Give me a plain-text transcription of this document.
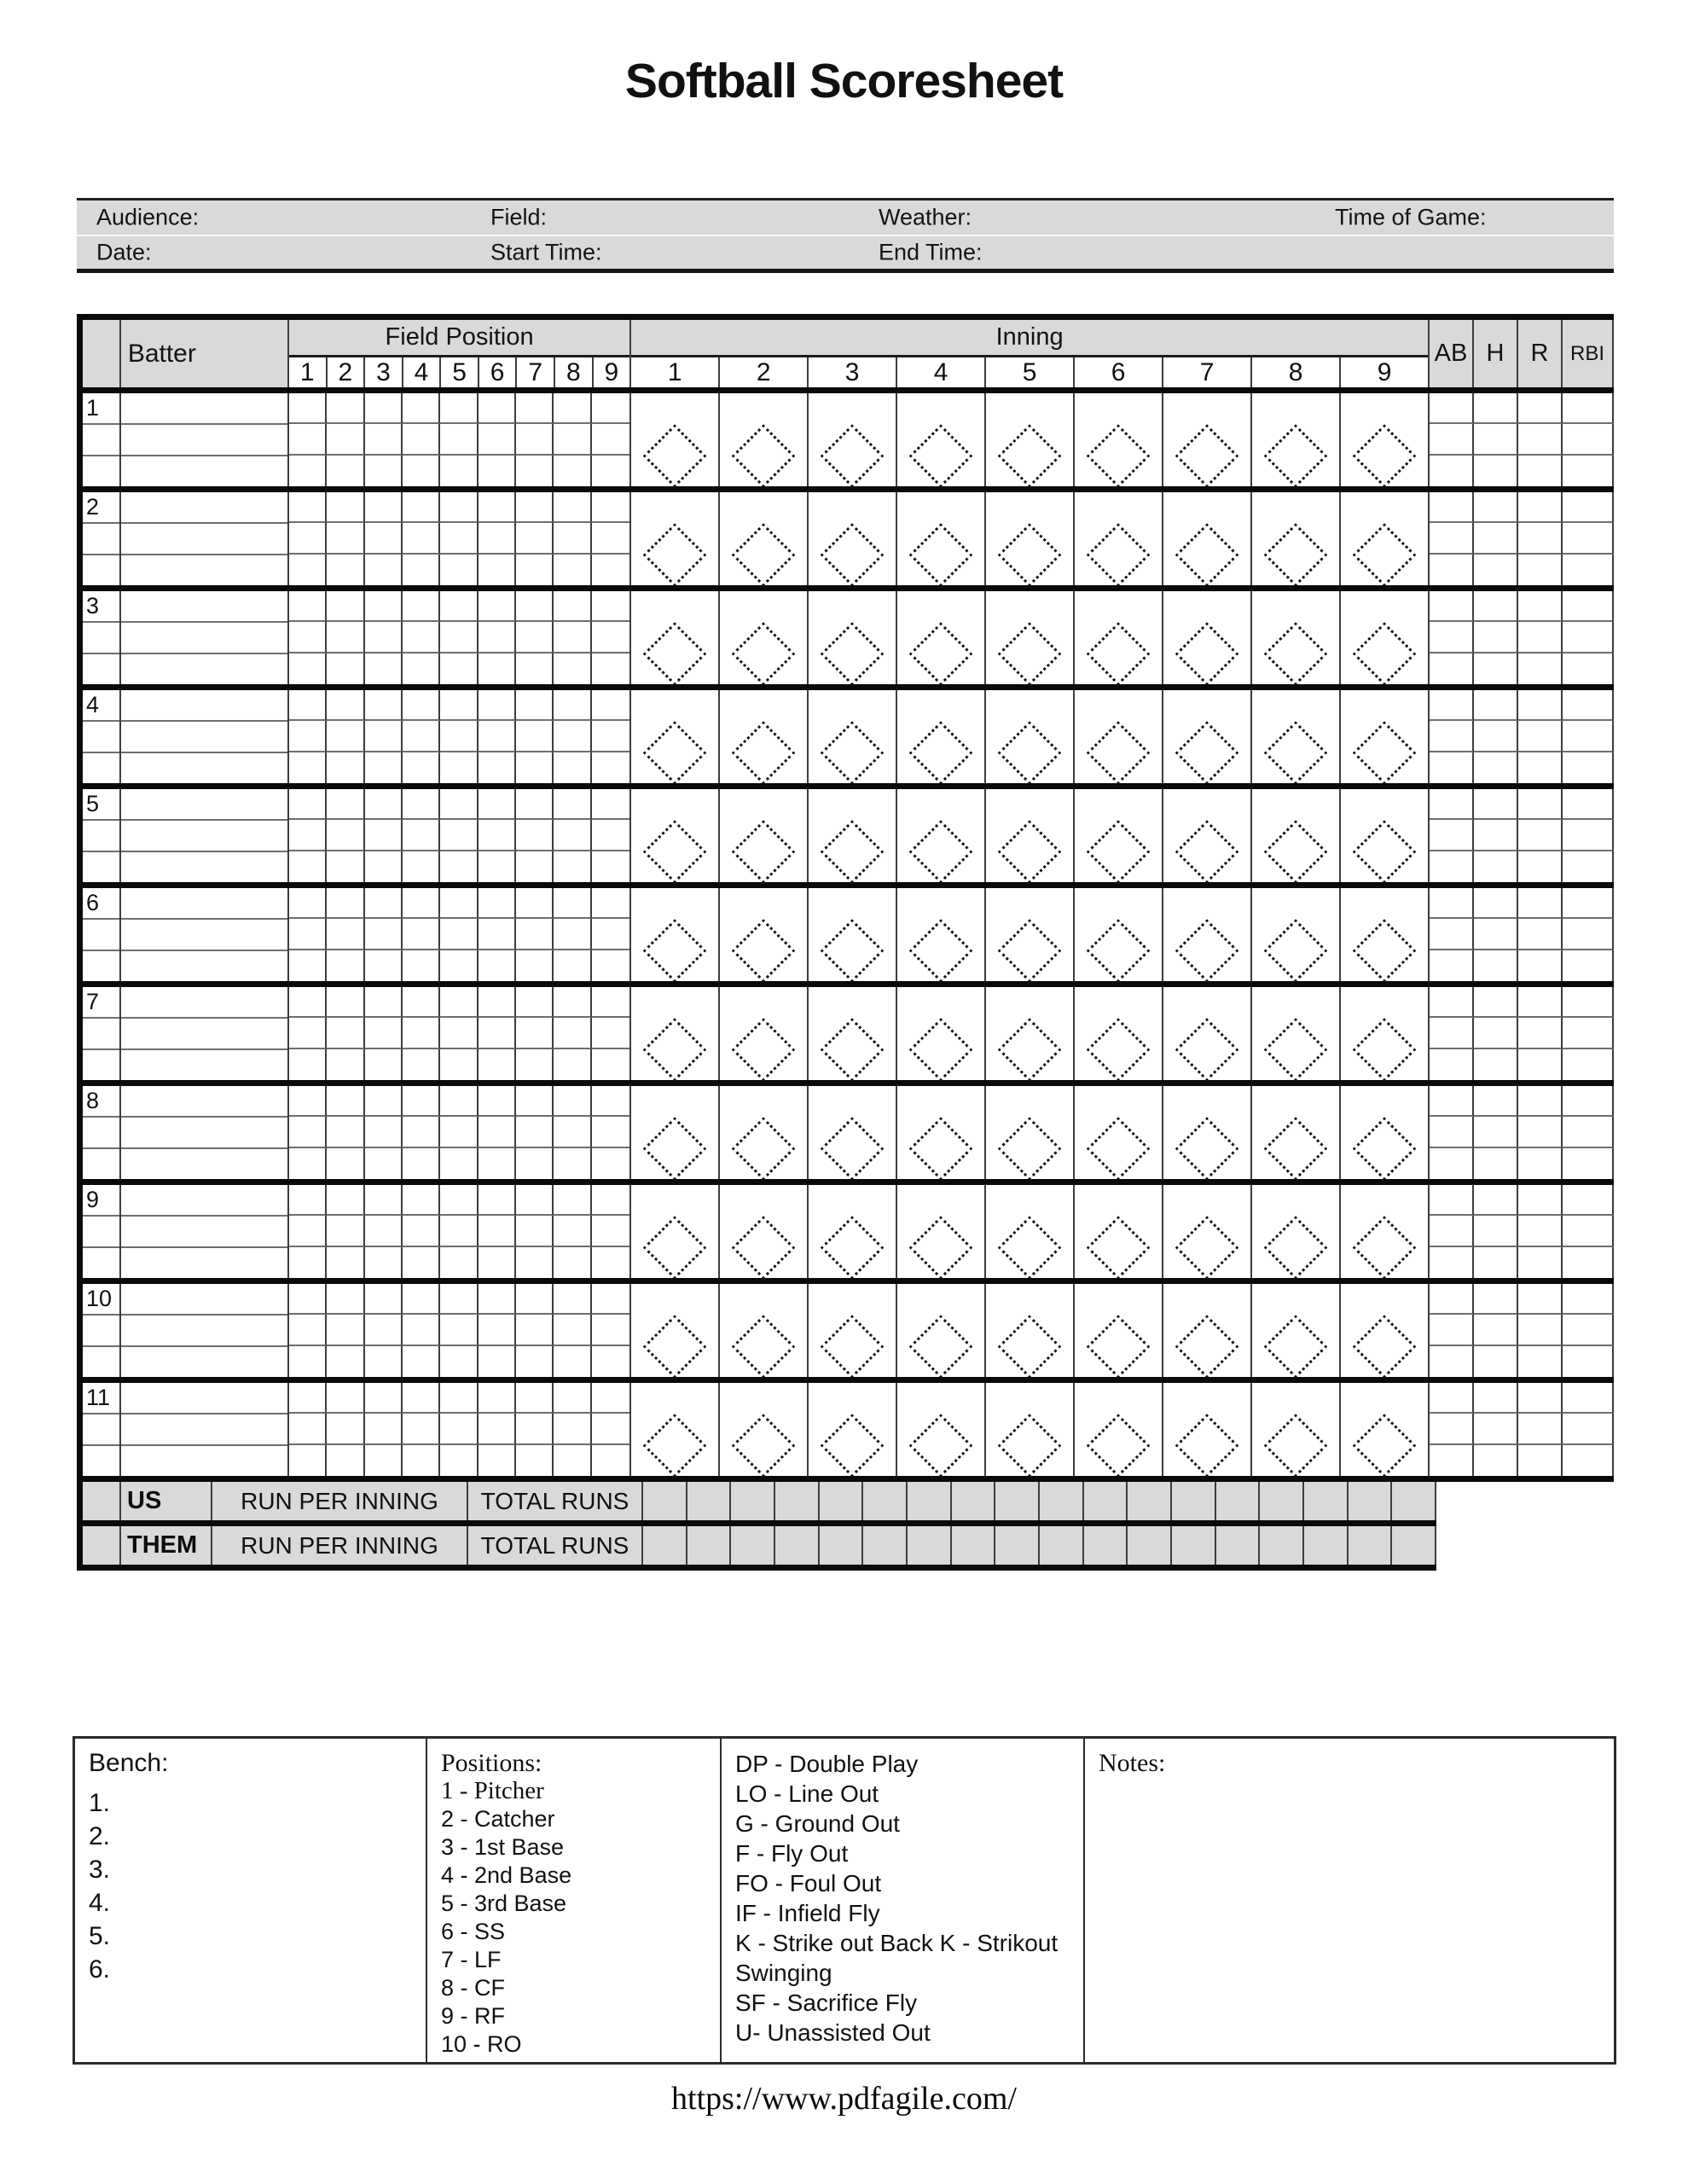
Softball Scoresheet
Audience:	Field:	Weather:	Time of Game:
Date:	Start Time:	End Time:
Batter
Field Position
1 2 3 4 5 6 7 8 9
Inning
1	2	3	4	5	6	7	8	9
AB H	R	RBI
1
2
3
4
5
6
7
8
9
10
11
US	RUN PER INNING	TOTAL RUNS
THEM	RUN PER INNING	TOTAL RUNS
Bench:
1.
2.
3.
4.
5.
6.
Positions:
1 - Pitcher
2 - Catcher
3 - 1st Base
4 - 2nd Base
5 - 3rd Base
6 - SS
7 - LF
8 - CF
9 - RF
10 - RO
DP - Double Play
LO - Line Out
G - Ground Out
F - Fly Out
FO - Foul Out
IF - Infield Fly
K - Strike out Back K - Strikout Swinging
SF - Sacrifice Fly
U- Unassisted Out
Notes:
https://www.pdfagile.com/
